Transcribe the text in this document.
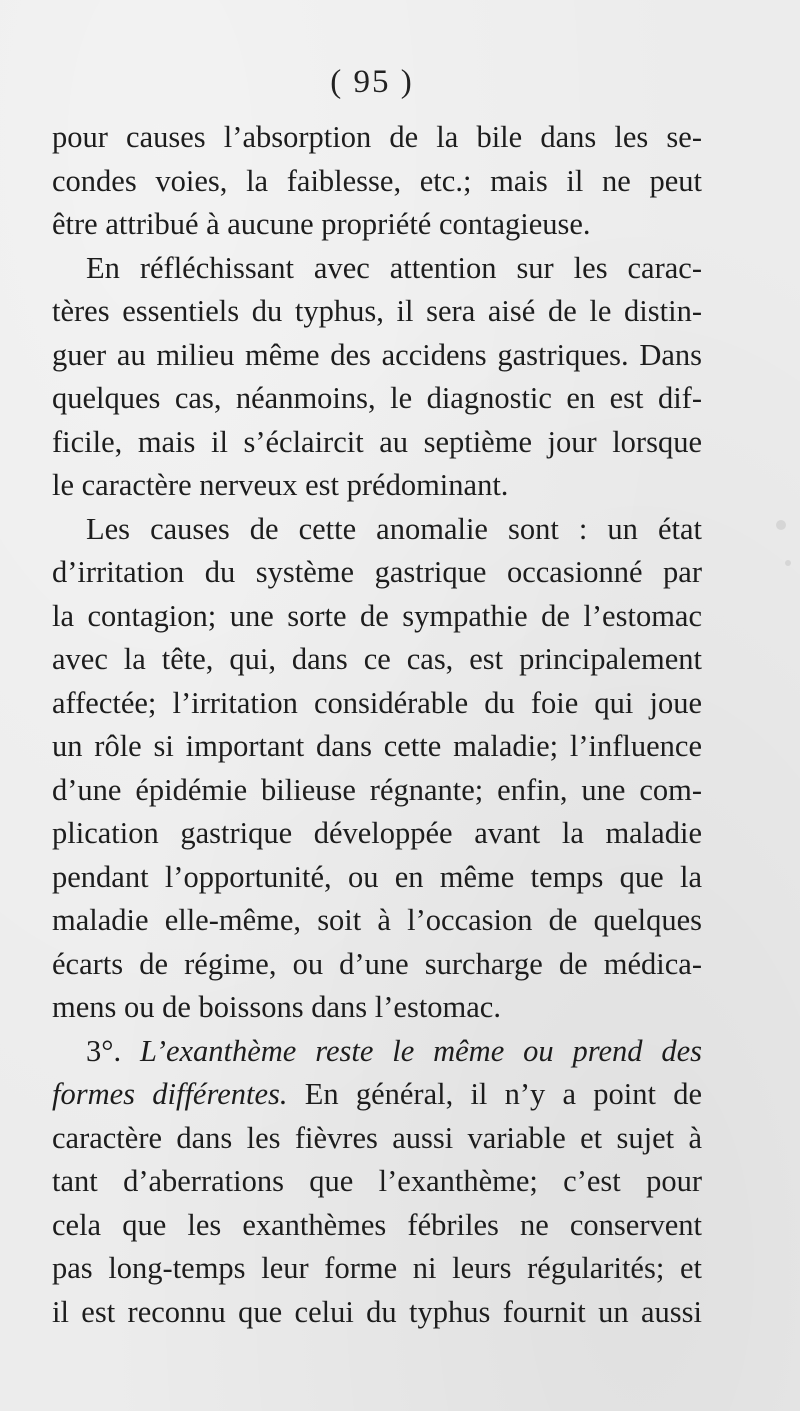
( 95 )
pour causes l’absorption de la bile dans les se-
condes voies, la faiblesse, etc.; mais il ne peut
être attribué à aucune propriété contagieuse.
En réfléchissant avec attention sur les carac-
tères essentiels du typhus, il sera aisé de le distin-
guer au milieu même des accidens gastriques. Dans
quelques cas, néanmoins, le diagnostic en est dif-
ficile, mais il s’éclaircit au septième jour lorsque
le caractère nerveux est prédominant.
Les causes de cette anomalie sont : un état
d’irritation du système gastrique occasionné par
la contagion; une sorte de sympathie de l’estomac
avec la tête, qui, dans ce cas, est principalement
affectée; l’irritation considérable du foie qui joue
un rôle si important dans cette maladie; l’influence
d’une épidémie bilieuse régnante; enfin, une com-
plication gastrique développée avant la maladie
pendant l’opportunité, ou en même temps que la
maladie elle-même, soit à l’occasion de quelques
écarts de régime, ou d’une surcharge de médica-
mens ou de boissons dans l’estomac.
3°. L’exanthème reste le même ou prend des
formes différentes. En général, il n’y a point de
caractère dans les fièvres aussi variable et sujet à
tant d’aberrations que l’exanthème; c’est pour
cela que les exanthèmes fébriles ne conservent
pas long-temps leur forme ni leurs régularités; et
il est reconnu que celui du typhus fournit un aussi
